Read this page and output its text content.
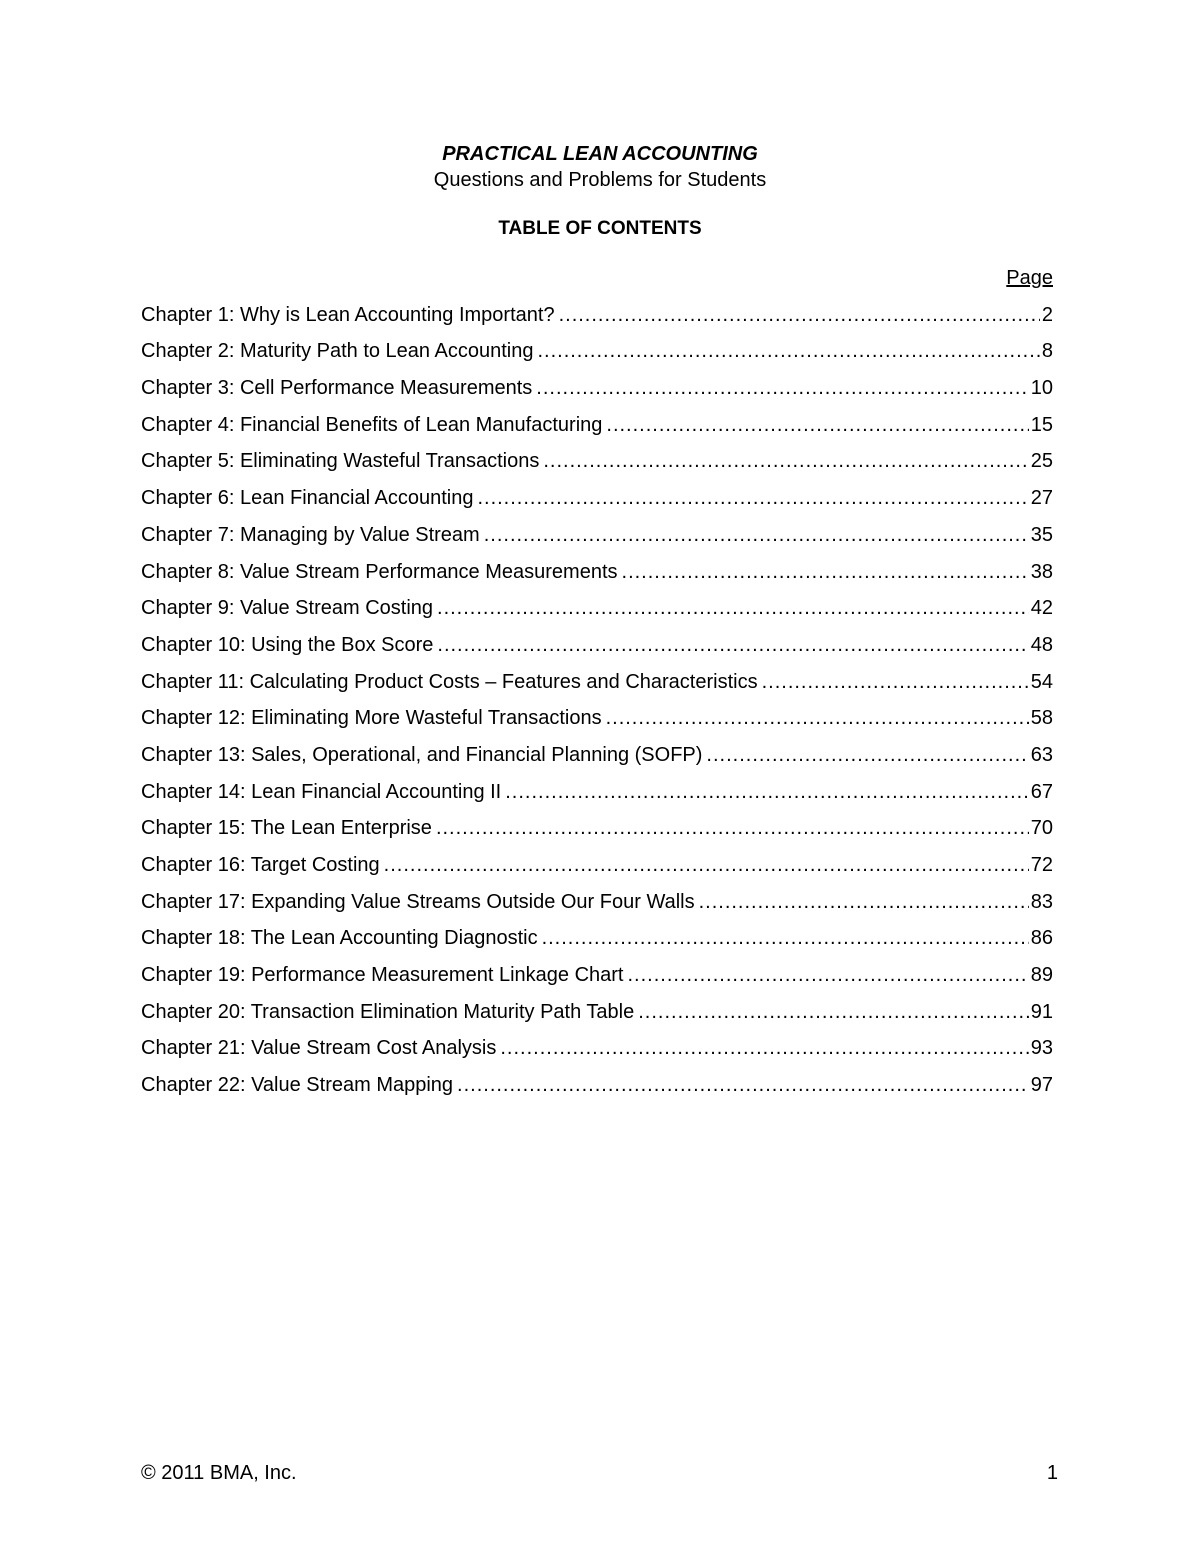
PRACTICAL LEAN ACCOUNTING
Questions and Problems for Students
TABLE OF CONTENTS
Page
Chapter 1: Why is Lean Accounting Important? .....	2
Chapter 2: Maturity Path to Lean Accounting .....	8
Chapter 3: Cell Performance Measurements .....	10
Chapter 4: Financial Benefits of Lean Manufacturing .....	15
Chapter 5: Eliminating Wasteful Transactions .....	25
Chapter 6: Lean Financial Accounting .....	27
Chapter 7: Managing by Value Stream .....	35
Chapter 8: Value Stream Performance Measurements .....	38
Chapter 9: Value Stream Costing .....	42
Chapter 10: Using the Box Score .....	48
Chapter 11: Calculating Product Costs – Features and Characteristics .....	54
Chapter 12: Eliminating More Wasteful Transactions .....	58
Chapter 13: Sales, Operational, and Financial Planning (SOFP) .....	63
Chapter 14: Lean Financial Accounting II .....	67
Chapter 15: The Lean Enterprise .....	70
Chapter 16: Target Costing .....	72
Chapter 17: Expanding Value Streams Outside Our Four Walls .....	83
Chapter 18: The Lean Accounting Diagnostic .....	86
Chapter 19: Performance Measurement Linkage Chart .....	89
Chapter 20: Transaction Elimination Maturity Path Table .....	91
Chapter 21: Value Stream Cost Analysis .....	93
Chapter 22: Value Stream Mapping .....	97
© 2011 BMA, Inc.	1
